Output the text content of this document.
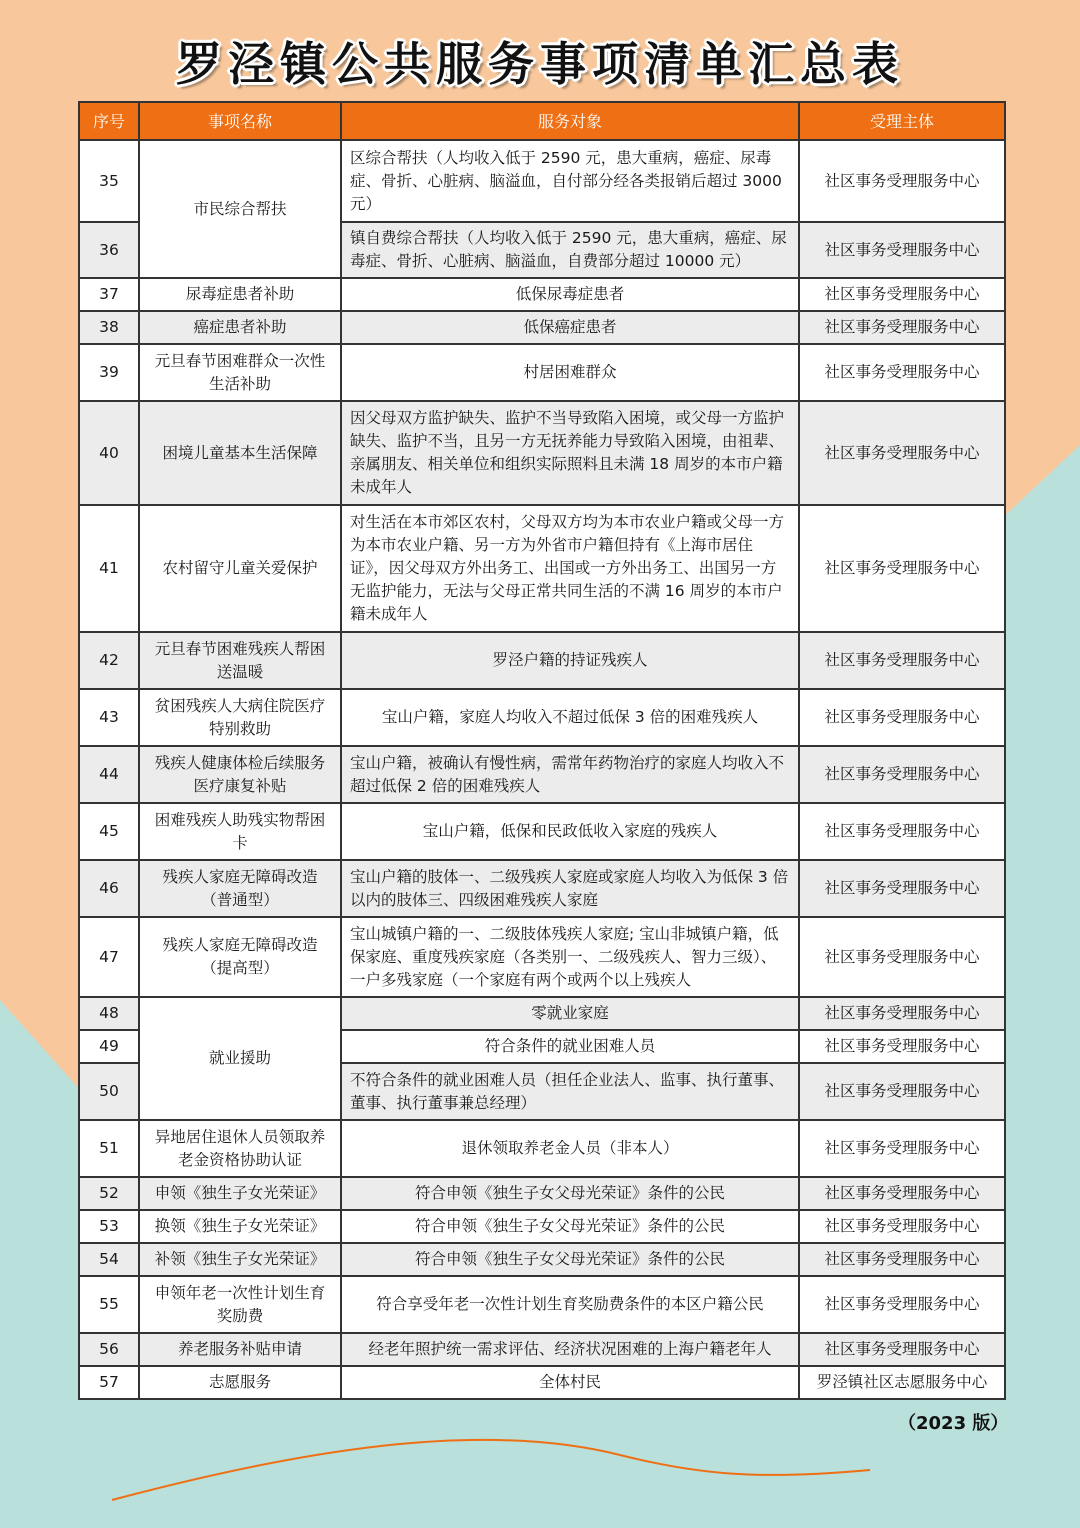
罗泾镇公共服务事项清单汇总表
序号	事项名称	服务对象	受理主体
35	市民综合帮扶	区综合帮扶（人均收入低于 2590 元，患大重病，癌症、尿毒症、骨折、心脏病、脑溢血，自付部分经各类报销后超过 3000 元）	社区事务受理服务中心
36		镇自费综合帮扶（人均收入低于 2590 元，患大重病，癌症、尿毒症、骨折、心脏病、脑溢血，自费部分超过 10000 元）	社区事务受理服务中心
37	尿毒症患者补助	低保尿毒症患者	社区事务受理服务中心
38	癌症患者补助	低保癌症患者	社区事务受理服务中心
39	元旦春节困难群众一次性生活补助	村居困难群众	社区事务受理服务中心
40	困境儿童基本生活保障	因父母双方监护缺失、监护不当导致陷入困境，或父母一方监护缺失、监护不当，且另一方无抚养能力导致陷入困境，由祖辈、亲属朋友、相关单位和组织实际照料且未满 18 周岁的本市户籍未成年人	社区事务受理服务中心
41	农村留守儿童关爱保护	对生活在本市郊区农村，父母双方均为本市农业户籍或父母一方为本市农业户籍、另一方为外省市户籍但持有《上海市居住证》，因父母双方外出务工、出国或一方外出务工、出国另一方无监护能力，无法与父母正常共同生活的不满 16 周岁的本市户籍未成年人	社区事务受理服务中心
42	元旦春节困难残疾人帮困送温暖	罗泾户籍的持证残疾人	社区事务受理服务中心
43	贫困残疾人大病住院医疗特别救助	宝山户籍，家庭人均收入不超过低保 3 倍的困难残疾人	社区事务受理服务中心
44	残疾人健康体检后续服务医疗康复补贴	宝山户籍，被确认有慢性病，需常年药物治疗的家庭人均收入不超过低保 2 倍的困难残疾人	社区事务受理服务中心
45	困难残疾人助残实物帮困卡	宝山户籍，低保和民政低收入家庭的残疾人	社区事务受理服务中心
46	残疾人家庭无障碍改造（普通型）	宝山户籍的肢体一、二级残疾人家庭或家庭人均收入为低保 3 倍以内的肢体三、四级困难残疾人家庭	社区事务受理服务中心
47	残疾人家庭无障碍改造（提高型）	宝山城镇户籍的一、二级肢体残疾人家庭; 宝山非城镇户籍，低保家庭、重度残疾家庭（各类别一、二级残疾人、智力三级）、一户多残家庭（一个家庭有两个或两个以上残疾人	社区事务受理服务中心
48	就业援助	零就业家庭	社区事务受理服务中心
49		符合条件的就业困难人员	社区事务受理服务中心
50		不符合条件的就业困难人员（担任企业法人、监事、执行董事、董事、执行董事兼总经理）	社区事务受理服务中心
51	异地居住退休人员领取养老金资格协助认证	退休领取养老金人员（非本人）	社区事务受理服务中心
52	申领《独生子女光荣证》	符合申领《独生子女父母光荣证》条件的公民	社区事务受理服务中心
53	换领《独生子女光荣证》	符合申领《独生子女父母光荣证》条件的公民	社区事务受理服务中心
54	补领《独生子女光荣证》	符合申领《独生子女父母光荣证》条件的公民	社区事务受理服务中心
55	申领年老一次性计划生育奖励费	符合享受年老一次性计划生育奖励费条件的本区户籍公民	社区事务受理服务中心
56	养老服务补贴申请	经老年照护统一需求评估、经济状况困难的上海户籍老年人	社区事务受理服务中心
57	志愿服务	全体村民	罗泾镇社区志愿服务中心
（2023 版）
